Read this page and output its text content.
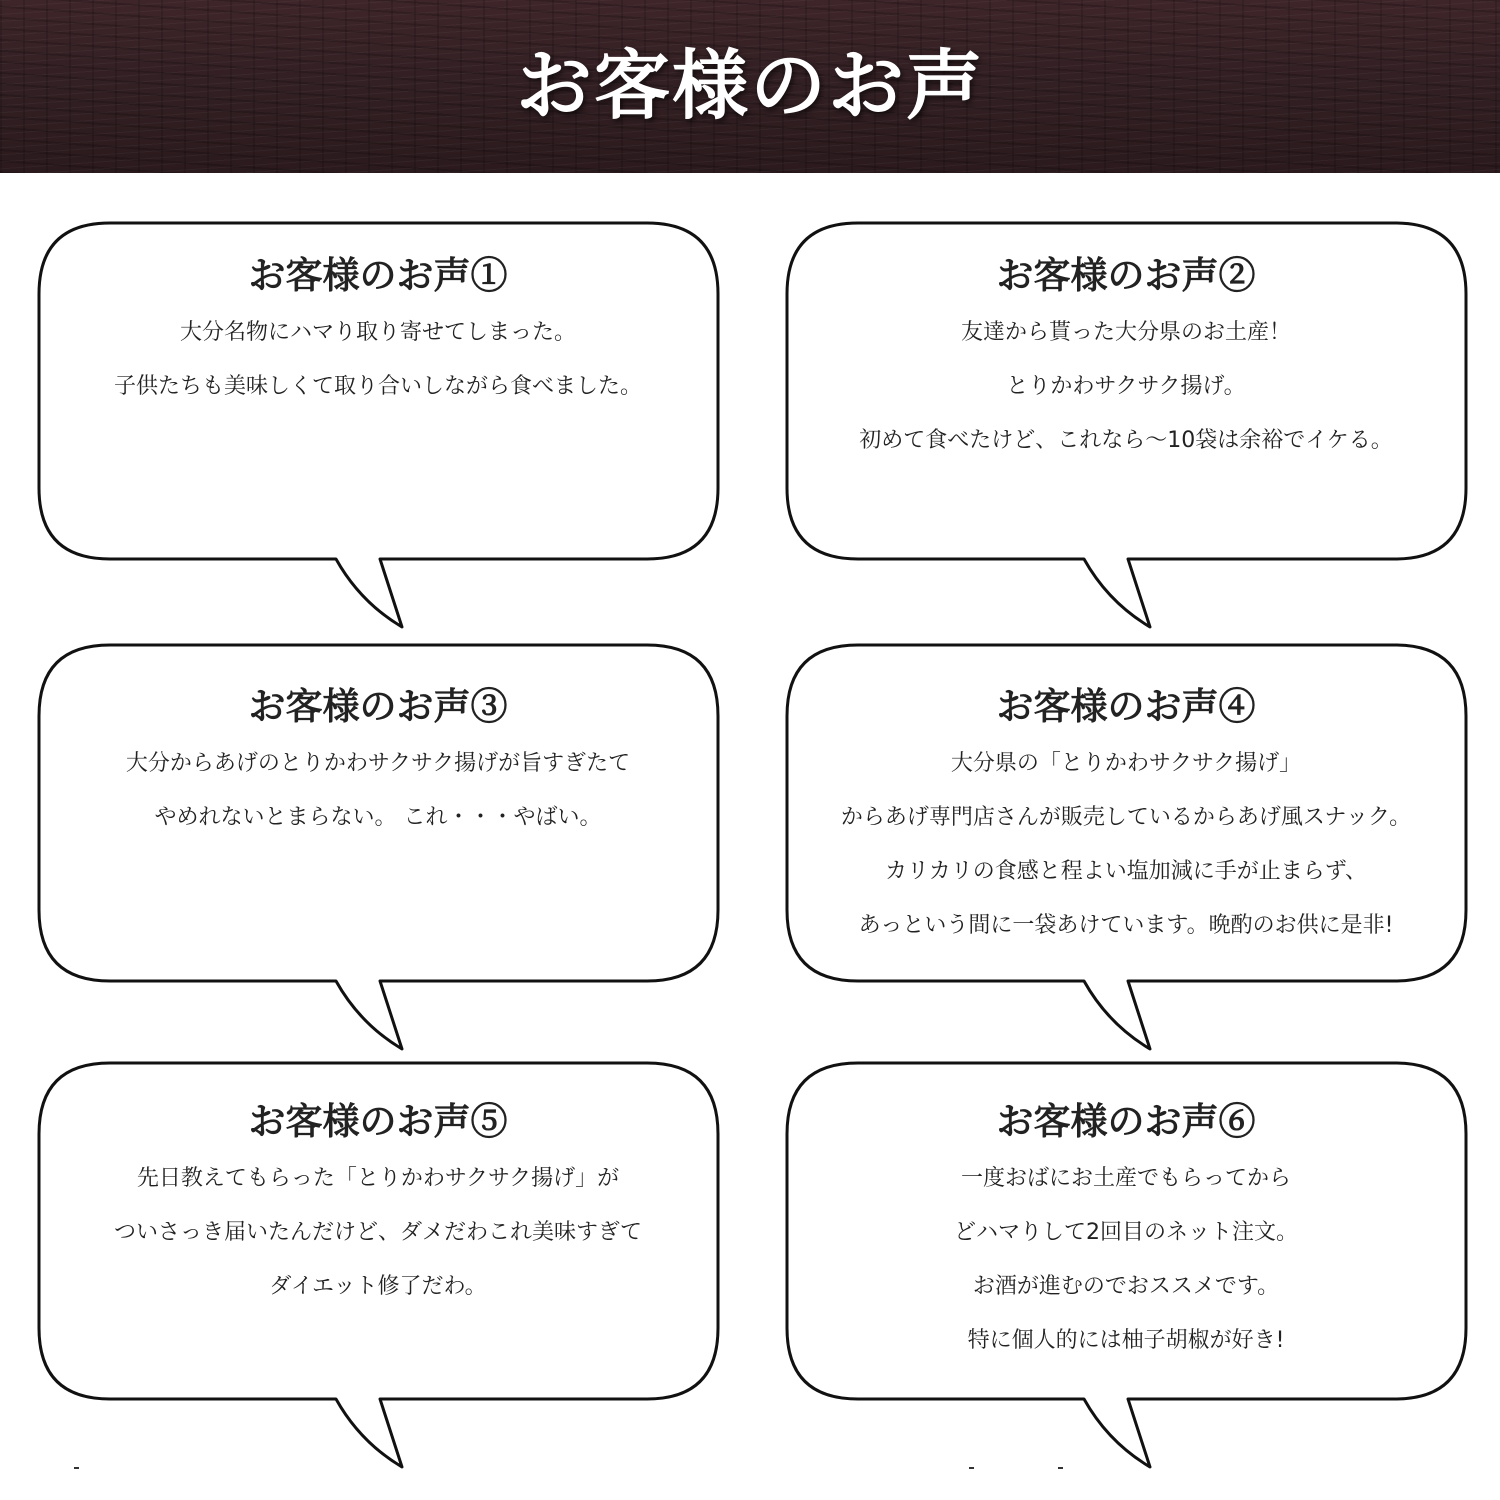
お客様のお声
お客様のお声①
大分名物にハマり取り寄せてしまった。
子供たちも美味しくて取り合いしながら食べました。
お客様のお声②
友達から貰った大分県のお土産！
とりかわサクサク揚げ。
初めて食べたけど、これなら～10袋は余裕でイケる。
お客様のお声③
大分からあげのとりかわサクサク揚げが旨すぎたて
やめれないとまらない。 これ・・・やばい。
お客様のお声④
大分県の「とりかわサクサク揚げ」
からあげ専門店さんが販売しているからあげ風スナック。
カリカリの食感と程よい塩加減に手が止まらず、
あっという間に一袋あけています。晩酌のお供に是非!
お客様のお声⑤
先日教えてもらった「とりかわサクサク揚げ」が
ついさっき届いたんだけど、ダメだわこれ美味すぎて
ダイエット修了だわ。
お客様のお声⑥
一度おばにお土産でもらってから
どハマりして2回目のネット注文。
お酒が進むのでおススメです。
特に個人的には柚子胡椒が好き!
